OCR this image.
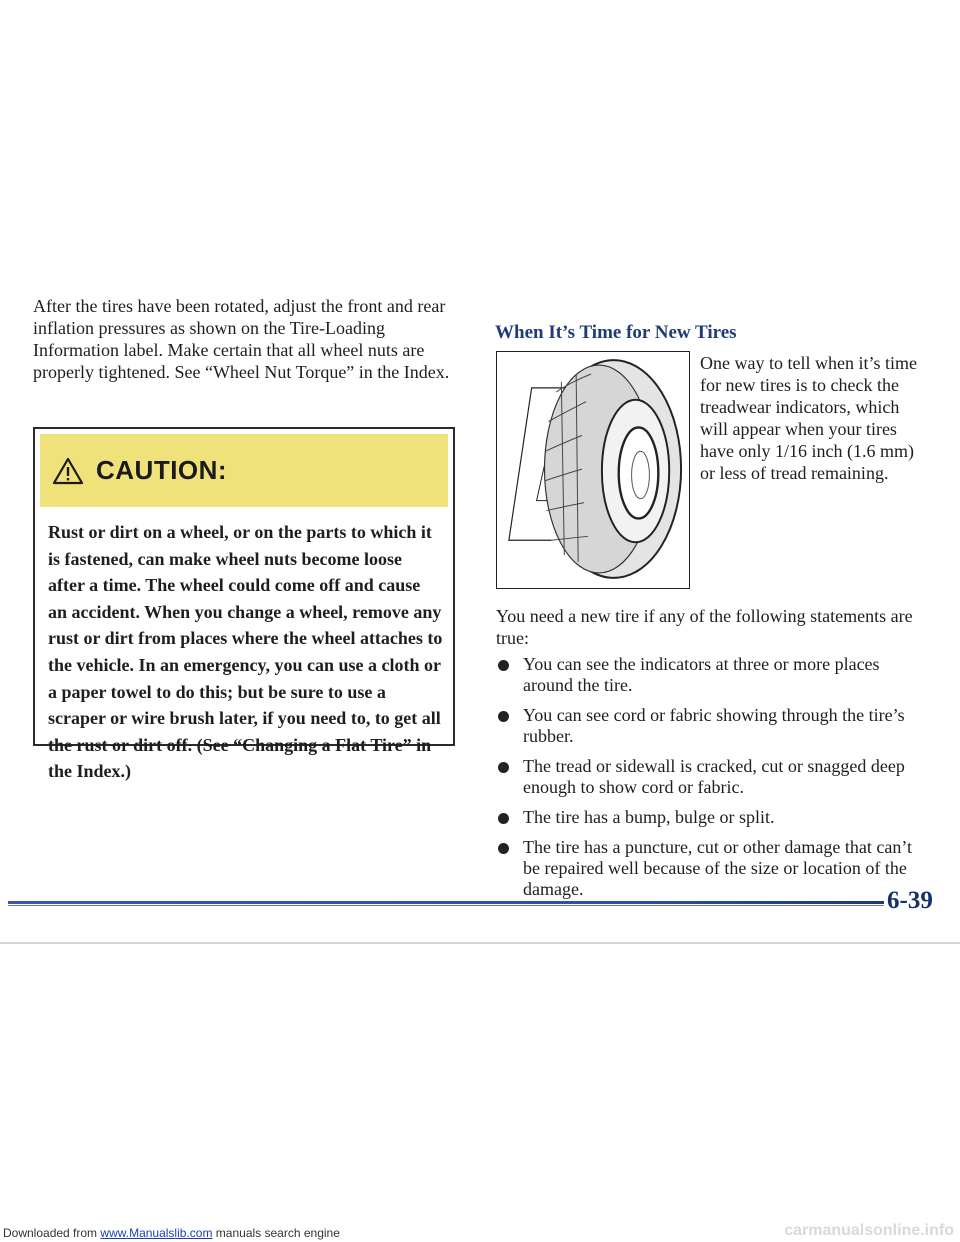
After the tires have been rotated, adjust the front and rear inflation pressures as shown on the Tire-Loading Information label. Make certain that all wheel nuts are properly tightened. See “Wheel Nut Torque” in the Index.

CAUTION:

Rust or dirt on a wheel, or on the parts to which it is fastened, can make wheel nuts become loose after a time. The wheel could come off and cause an accident. When you change a wheel, remove any rust or dirt from places where the wheel attaches to the vehicle. In an emergency, you can use a cloth or a paper towel to do this; but be sure to use a scraper or wire brush later, if you need to, to get all the rust or dirt off. (See “Changing a Flat Tire” in the Index.)

When It’s Time for New Tires

One way to tell when it’s time for new tires is to check the treadwear indicators, which will appear when your tires have only 1/16 inch (1.6 mm) or less of tread remaining.

You need a new tire if any of the following statements are true:

You can see the indicators at three or more places around the tire.
You can see cord or fabric showing through the tire’s rubber.
The tread or sidewall is cracked, cut or snagged deep enough to show cord or fabric.
The tire has a bump, bulge or split.
The tire has a puncture, cut or other damage that can’t be repaired well because of the size or location of the damage.	6-39
Downloaded from www.Manualslib.com manuals search engine	carmanualsonline.info
